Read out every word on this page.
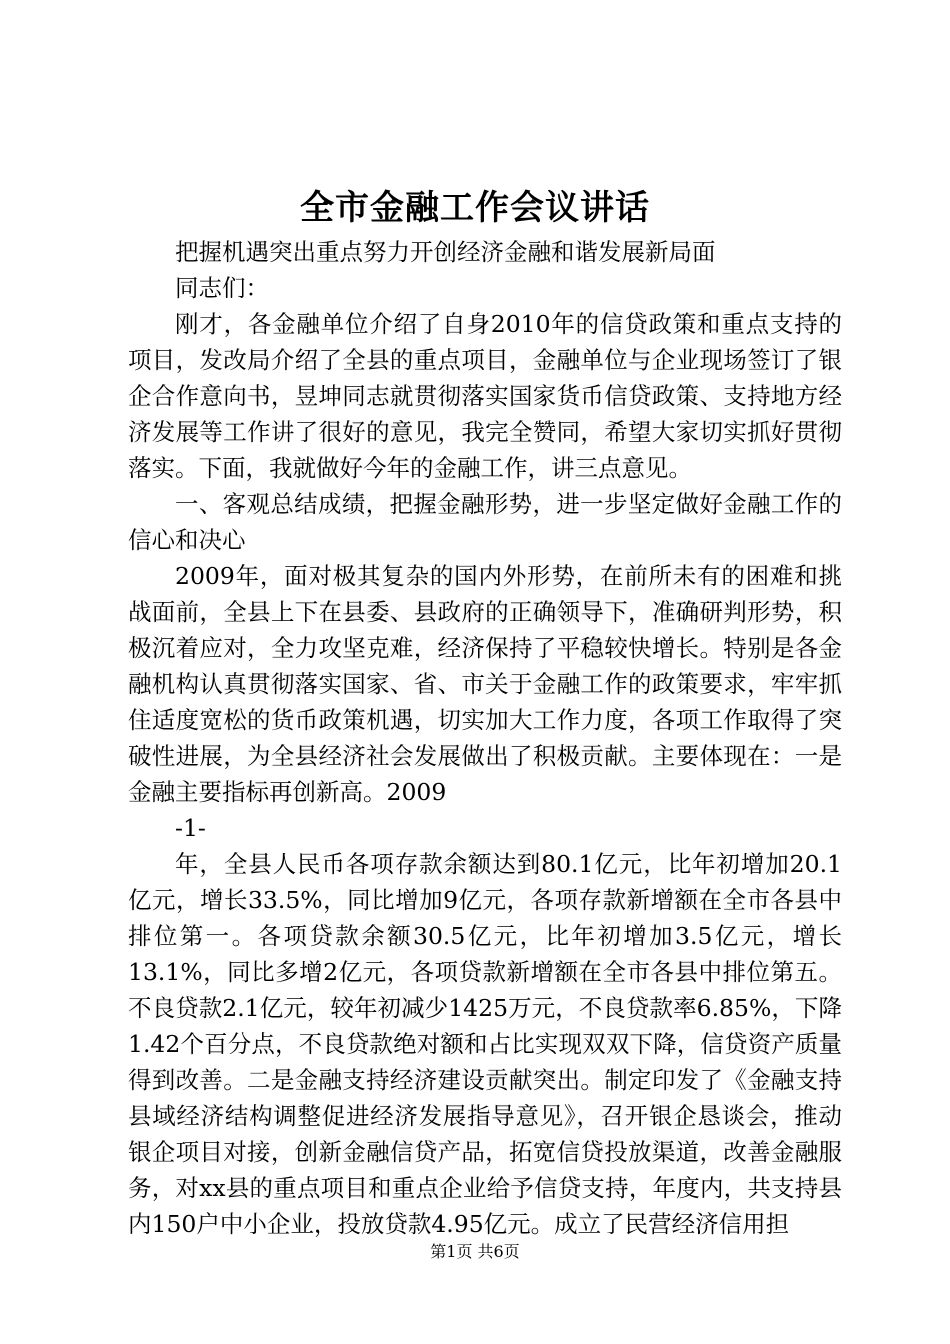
全市金融工作会议讲话

把握机遇突出重点努力开创经济金融和谐发展新局面

同志们：

刚才，各金融单位介绍了自身2010年的信贷政策和重点支持的项目，发改局介绍了全县的重点项目，金融单位与企业现场签订了银企合作意向书，昱坤同志就贯彻落实国家货币信贷政策、支持地方经济发展等工作讲了很好的意见，我完全赞同，希望大家切实抓好贯彻落实。下面，我就做好今年的金融工作，讲三点意见。

一、客观总结成绩，把握金融形势，进一步坚定做好金融工作的信心和决心

2009年，面对极其复杂的国内外形势，在前所未有的困难和挑战面前，全县上下在县委、县政府的正确领导下，准确研判形势，积极沉着应对，全力攻坚克难，经济保持了平稳较快增长。特别是各金融机构认真贯彻落实国家、省、市关于金融工作的政策要求，牢牢抓住适度宽松的货币政策机遇，切实加大工作力度，各项工作取得了突破性进展，为全县经济社会发展做出了积极贡献。主要体现在：一是金融主要指标再创新高。2009

-1-

年，全县人民币各项存款余额达到80.1亿元，比年初增加20.1亿元，增长33.5%，同比增加9亿元，各项存款新增额在全市各县中排位第一。各项贷款余额30.5亿元，比年初增加3.5亿元，增长13.1%，同比多增2亿元，各项贷款新增额在全市各县中排位第五。不良贷款2.1亿元，较年初减少1425万元，不良贷款率6.85%，下降1.42个百分点，不良贷款绝对额和占比实现双双下降，信贷资产质量得到改善。二是金融支持经济建设贡献突出。制定印发了《金融支持县域经济结构调整促进经济发展指导意见》，召开银企恳谈会，推动银企项目对接，创新金融信贷产品，拓宽信贷投放渠道，改善金融服务，对xx县的重点项目和重点企业给予信贷支持，年度内，共支持县内150户中小企业，投放贷款4.95亿元。成立了民营经济信用担

第1页 共6页
